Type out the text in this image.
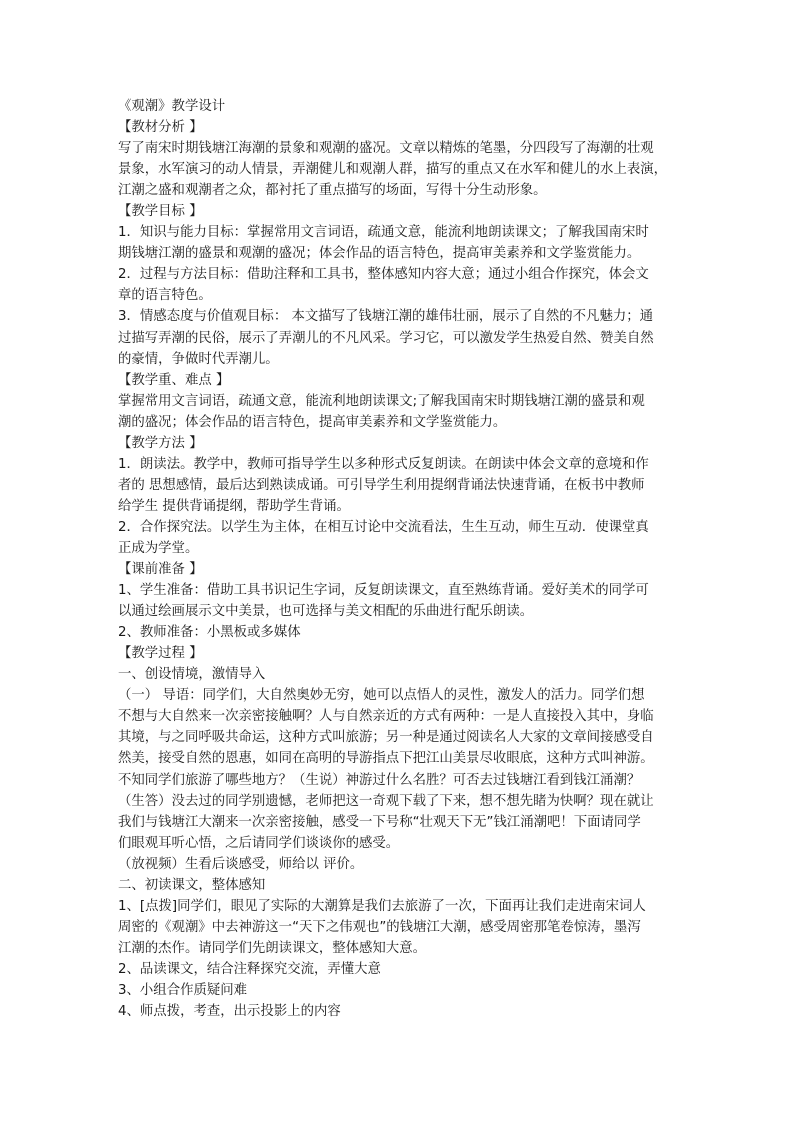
《观潮》教学设计
【教材分析 】
写了南宋时期钱塘江海潮的景象和观潮的盛况。文章以精炼的笔墨，分四段写了海潮的壮观
景象，水军演习的动人情景，弄潮健儿和观潮人群，描写的重点又在水军和健儿的水上表演，
江潮之盛和观潮者之众，都衬托了重点描写的场面，写得十分生动形象。
【教学目标 】
1．知识与能力目标：掌握常用文言词语，疏通文意，能流利地朗读课文；了解我国南宋时
期钱塘江潮的盛景和观潮的盛况；体会作品的语言特色，提高审美素养和文学鉴赏能力。
2．过程与方法目标：借助注释和工具书，整体感知内容大意；通过小组合作探究，体会文
章的语言特色。
3．情感态度与价值观目标： 本文描写了钱塘江潮的雄伟壮丽，展示了自然的不凡魅力；通
过描写弄潮的民俗，展示了弄潮儿的不凡风采。学习它，可以激发学生热爱自然、赞美自然
的豪情，争做时代弄潮儿。
【教学重、难点 】
掌握常用文言词语，疏通文意，能流利地朗读课文;了解我国南宋时期钱塘江潮的盛景和观
潮的盛况；体会作品的语言特色，提高审美素养和文学鉴赏能力。
【教学方法 】
1．朗读法。教学中，教师可指导学生以多种形式反复朗读。在朗读中体会文章的意境和作
者的 思想感情，最后达到熟读成诵。可引导学生利用提纲背诵法快速背诵，在板书中教师
给学生 提供背诵提纲，帮助学生背诵。
2．合作探究法。以学生为主体，在相互讨论中交流看法，生生互动，师生互动．使课堂真
正成为学堂。
【课前准备 】
1、学生准备：借助工具书识记生字词，反复朗读课文，直至熟练背诵。爱好美术的同学可
以通过绘画展示文中美景，也可选择与美文相配的乐曲进行配乐朗读。
2、教师准备：小黑板或多媒体
【教学过程 】
一、创设情境，激情导入
（一） 导语：同学们，大自然奥妙无穷，她可以点悟人的灵性，激发人的活力。同学们想
不想与大自然来一次亲密接触啊？人与自然亲近的方式有两种：一是人直接投入其中，身临
其境，与之同呼吸共命运，这种方式叫旅游；另一种是通过阅读名人大家的文章间接感受自
然美，接受自然的恩惠，如同在高明的导游指点下把江山美景尽收眼底，这种方式叫神游。
不知同学们旅游了哪些地方？（生说）神游过什么名胜？可否去过钱塘江看到钱江涌潮？
（生答）没去过的同学别遗憾，老师把这一奇观下载了下来，想不想先睹为快啊？现在就让
我们与钱塘江大潮来一次亲密接触，感受一下号称“壮观天下无”钱江涌潮吧！下面请同学
们眼观耳听心悟，之后请同学们谈谈你的感受。
（放视频）生看后谈感受，师给以 评价。
二、初读课文，整体感知
1、[点拨]同学们，眼见了实际的大潮算是我们去旅游了一次，下面再让我们走进南宋词人
周密的《观潮》中去神游这一“天下之伟观也”的钱塘江大潮，感受周密那笔卷惊涛，墨泻
江潮的杰作。请同学们先朗读课文，整体感知大意。
2、品读课文，结合注释探究交流，弄懂大意
3、小组合作质疑问难
4、师点拨，考查，出示投影上的内容
